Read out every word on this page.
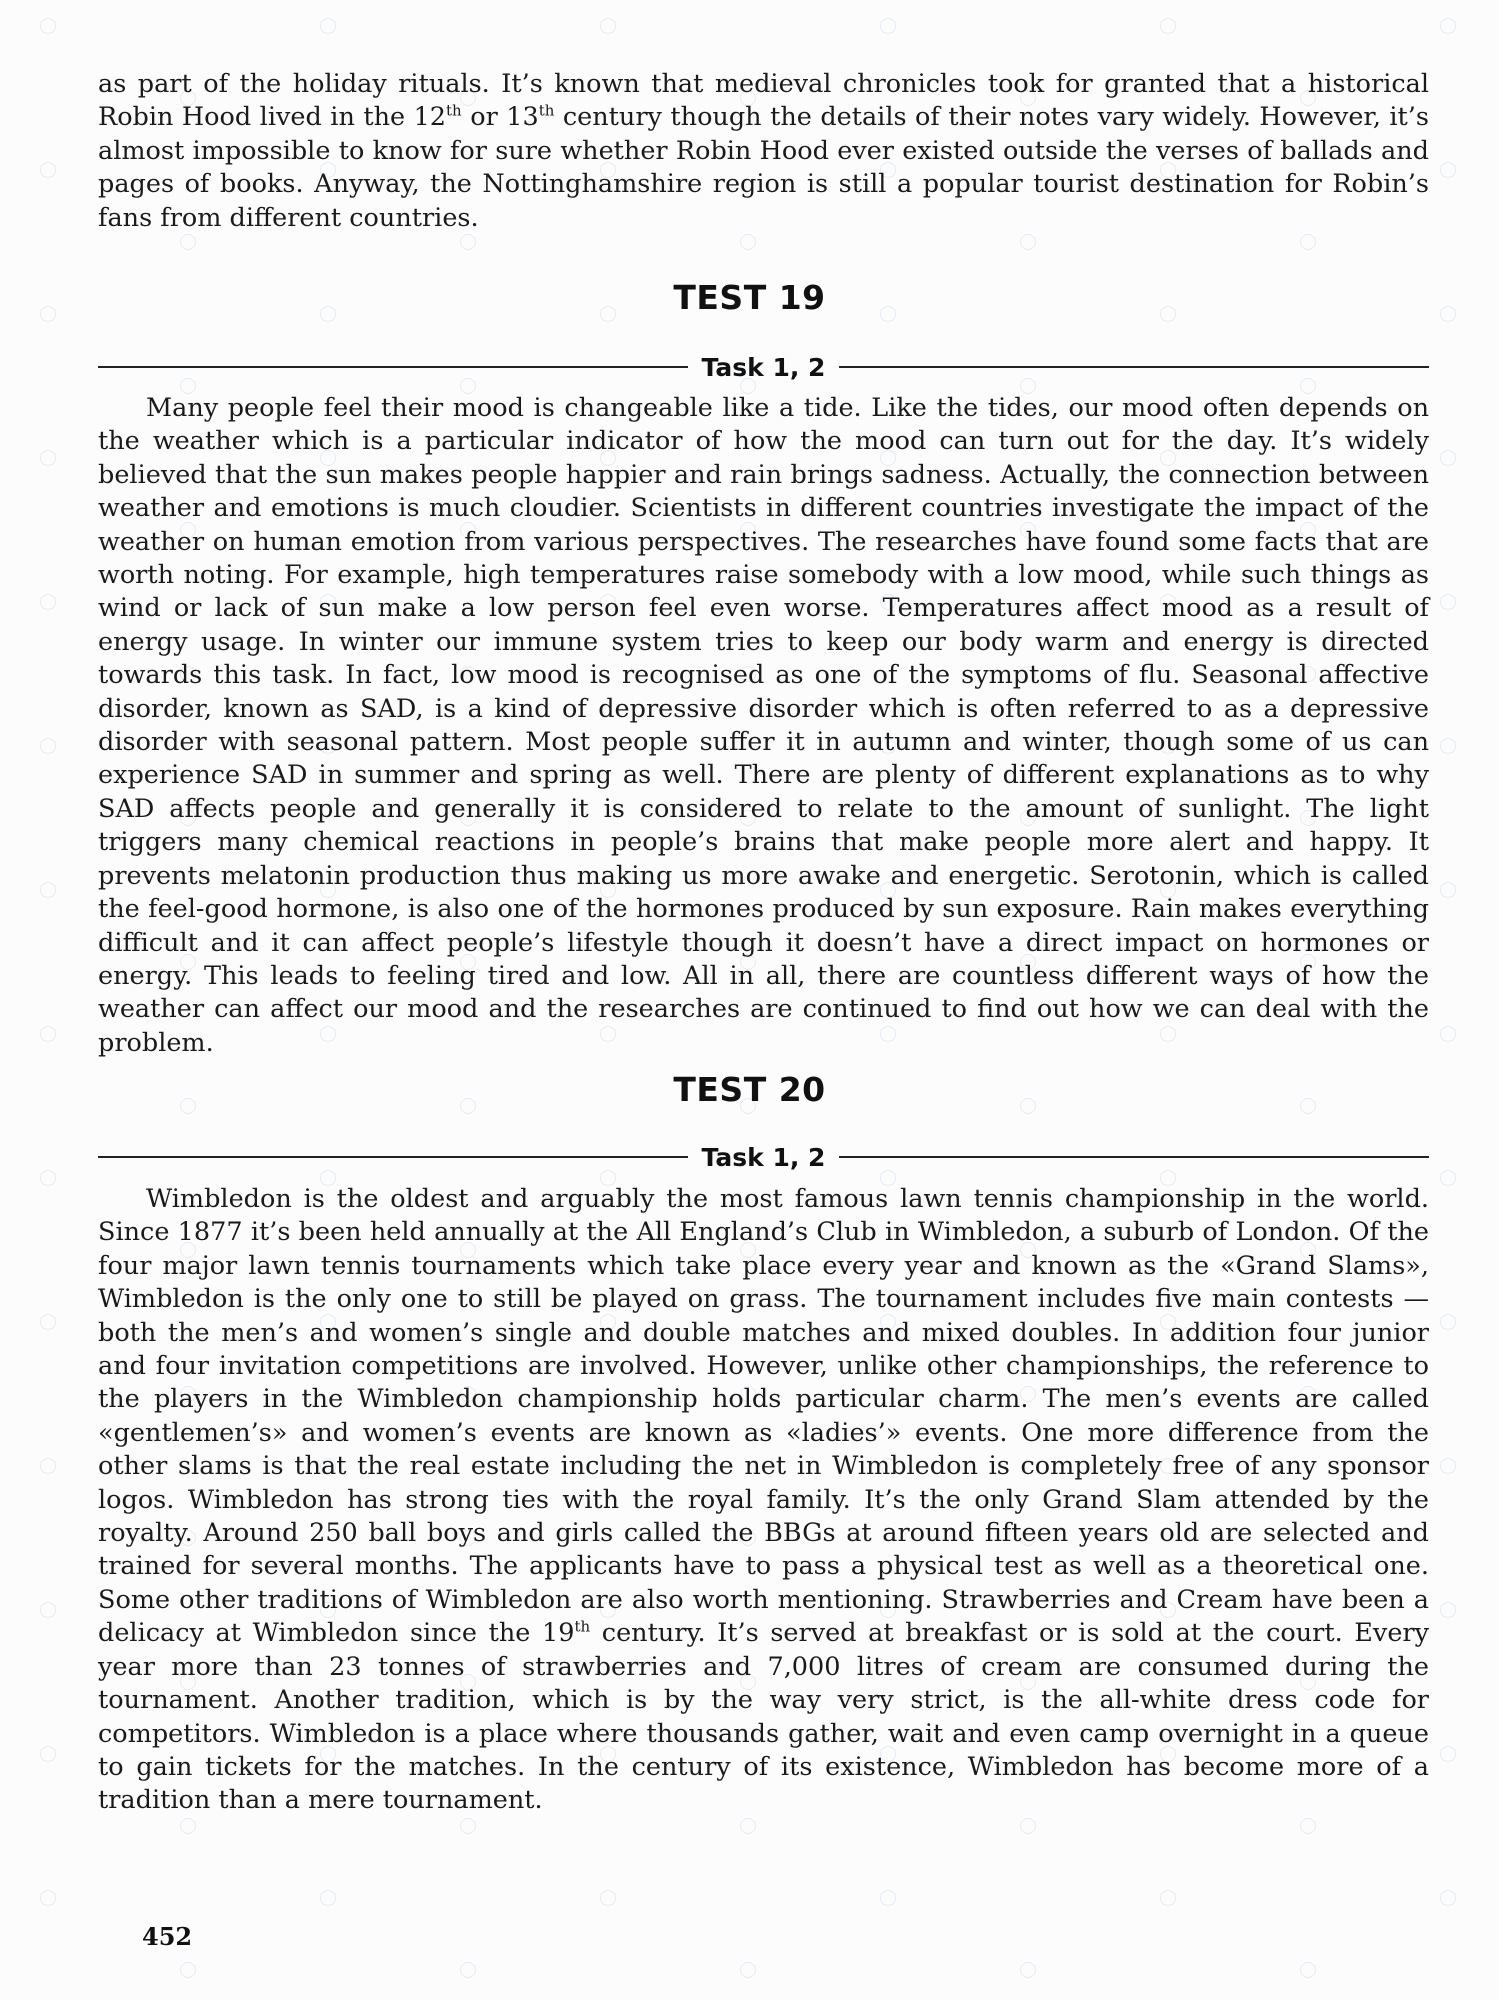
as part of the holiday rituals. It’s known that medieval chronicles took for granted that a historical Robin Hood lived in the 12th or 13th century though the details of their notes vary widely. However, it’s almost impossible to know for sure whether Robin Hood ever existed outside the verses of ballads and pages of books. Anyway, the Nottinghamshire region is still a popular tourist destination for Robin’s fans from different countries.

TEST 19
Task 1, 2

Many people feel their mood is changeable like a tide. Like the tides, our mood often depends on the weather which is a particular indicator of how the mood can turn out for the day. It’s widely believed that the sun makes people happier and rain brings sadness. Actually, the connection between weather and emotions is much cloudier. Scientists in different countries investigate the impact of the weather on human emotion from various perspectives. The researches have found some facts that are worth noting. For example, high temperatures raise somebody with a low mood, while such things as wind or lack of sun make a low person feel even worse. Temperatures affect mood as a result of energy usage. In winter our immune system tries to keep our body warm and energy is directed towards this task. In fact, low mood is recognised as one of the symptoms of flu. Seasonal affective disorder, known as SAD, is a kind of depressive disorder which is often referred to as a depressive disorder with seasonal pattern. Most people suffer it in autumn and winter, though some of us can experience SAD in summer and spring as well. There are plenty of different explanations as to why SAD affects people and generally it is considered to relate to the amount of sunlight. The light triggers many chemical reactions in people’s brains that make people more alert and happy. It prevents melatonin production thus making us more awake and energetic. Serotonin, which is called the feel-good hormone, is also one of the hormones produced by sun exposure. Rain makes everything difficult and it can affect people’s lifestyle though it doesn’t have a direct impact on hormones or energy. This leads to feeling tired and low. All in all, there are countless different ways of how the weather can affect our mood and the researches are continued to find out how we can deal with the problem.

TEST 20
Task 1, 2

Wimbledon is the oldest and arguably the most famous lawn tennis championship in the world. Since 1877 it’s been held annually at the All England’s Club in Wimbledon, a suburb of London. Of the four major lawn tennis tournaments which take place every year and known as the «Grand Slams», Wimbledon is the only one to still be played on grass. The tournament includes five main contests — both the men’s and women’s single and double matches and mixed doubles. In addition four junior and four invitation competitions are involved. However, unlike other championships, the reference to the players in the Wimbledon championship holds particular charm. The men’s events are called «gentlemen’s» and women’s events are known as «ladies’» events. One more difference from the other slams is that the real estate including the net in Wimbledon is completely free of any sponsor logos. Wimbledon has strong ties with the royal family. It’s the only Grand Slam attended by the royalty. Around 250 ball boys and girls called the BBGs at around fifteen years old are selected and trained for several months. The applicants have to pass a physical test as well as a theoretical one. Some other traditions of Wimbledon are also worth mentioning. Strawberries and Cream have been a delicacy at Wimbledon since the 19th century. It’s served at breakfast or is sold at the court. Every year more than 23 tonnes of strawberries and 7,000 litres of cream are consumed during the tournament. Another tradition, which is by the way very strict, is the all-white dress code for competitors. Wimbledon is a place where thousands gather, wait and even camp overnight in a queue to gain tickets for the matches. In the century of its existence, Wimbledon has become more of a tradition than a mere tournament.

452
